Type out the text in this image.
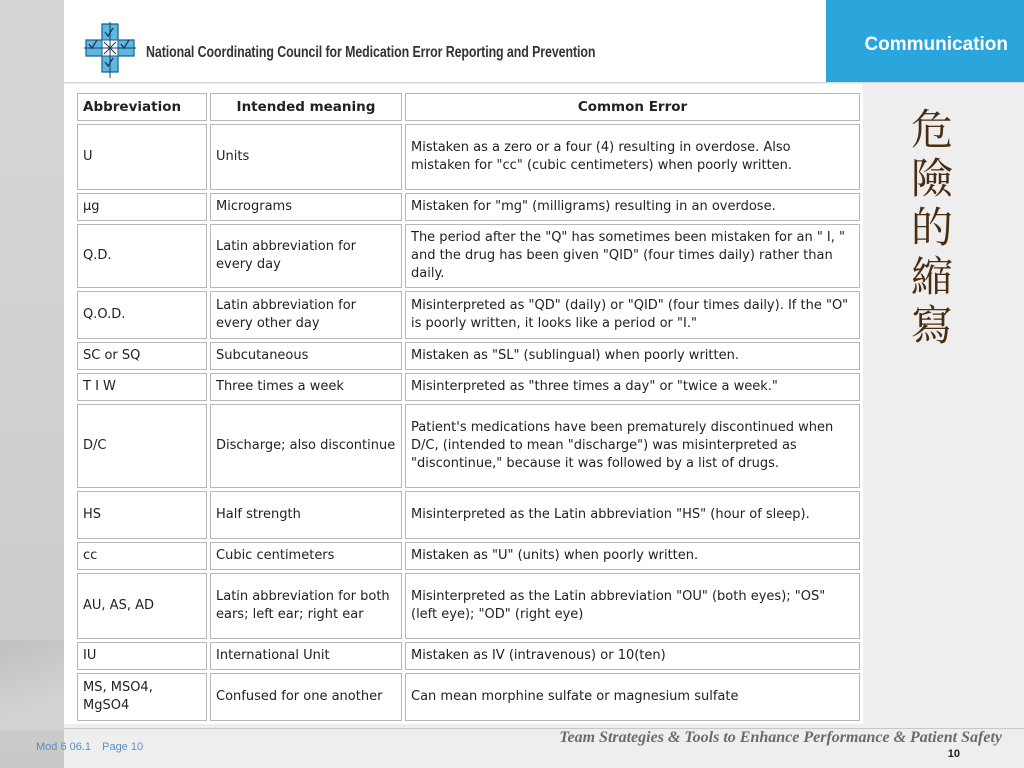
National Coordinating Council for Medication Error Reporting and Prevention	Communication
Abbreviation	Intended meaning	Common Error
U	Units	Mistaken as a zero or a four (4) resulting in overdose. Also mistaken for "cc" (cubic centimeters) when poorly written.
µg	Micrograms	Mistaken for "mg" (milligrams) resulting in an overdose.
Q.D.	Latin abbreviation for every day	The period after the "Q" has sometimes been mistaken for an " I, " and the drug has been given "QID" (four times daily) rather than daily.
Q.O.D.	Latin abbreviation for every other day	Misinterpreted as "QD" (daily) or "QID" (four times daily). If the "O" is poorly written, it looks like a period or "I."
SC or SQ	Subcutaneous	Mistaken as "SL" (sublingual) when poorly written.
T I W	Three times a week	Misinterpreted as "three times a day" or "twice a week."
D/C	Discharge; also discontinue	Patient's medications have been prematurely discontinued when D/C, (intended to mean "discharge") was misinterpreted as "discontinue," because it was followed by a list of drugs.
HS	Half strength	Misinterpreted as the Latin abbreviation "HS" (hour of sleep).
cc	Cubic centimeters	Mistaken as "U" (units) when poorly written.
AU, AS, AD	Latin abbreviation for both ears; left ear; right ear	Misinterpreted as the Latin abbreviation "OU" (both eyes); "OS" (left eye); "OD" (right eye)
IU	International Unit	Mistaken as IV (intravenous) or 10(ten)
MS, MSO4, MgSO4	Confused for one another	Can mean morphine sulfate or magnesium sulfate
危
險
的
縮
寫
Mod 6 06.1 Page 10
Team Strategies & Tools to Enhance Performance & Patient Safety
10
